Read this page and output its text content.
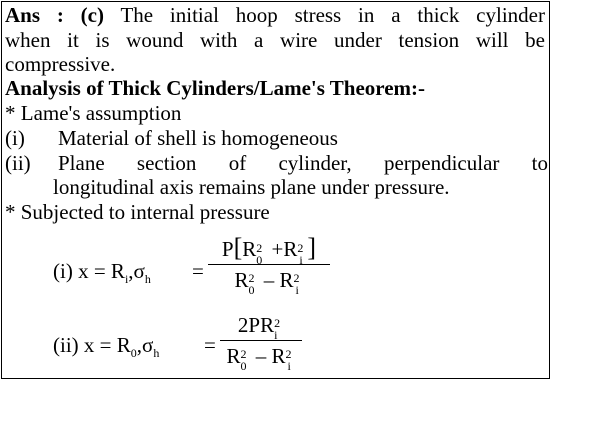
Ans : (c) The initial hoop stress in a thick cylinder
when it is wound with a wire under tension will be
compressive.
Analysis of Thick Cylinders/Lame's Theorem:-
* Lame's assumption
(i) Material of shell is homogeneous
(ii) Plane section of cylinder, perpendicular to
longitudinal axis remains plane under pressure.
* Subjected to internal pressure
(i) $x = R_i,\sigma_h$ =
P[R 2
0 +R 2
i ]
R 2
0 – R 2
i
(ii) $x = R_0,\sigma_h$ =
2PR 2
i
R 2
0 – R 2
i
